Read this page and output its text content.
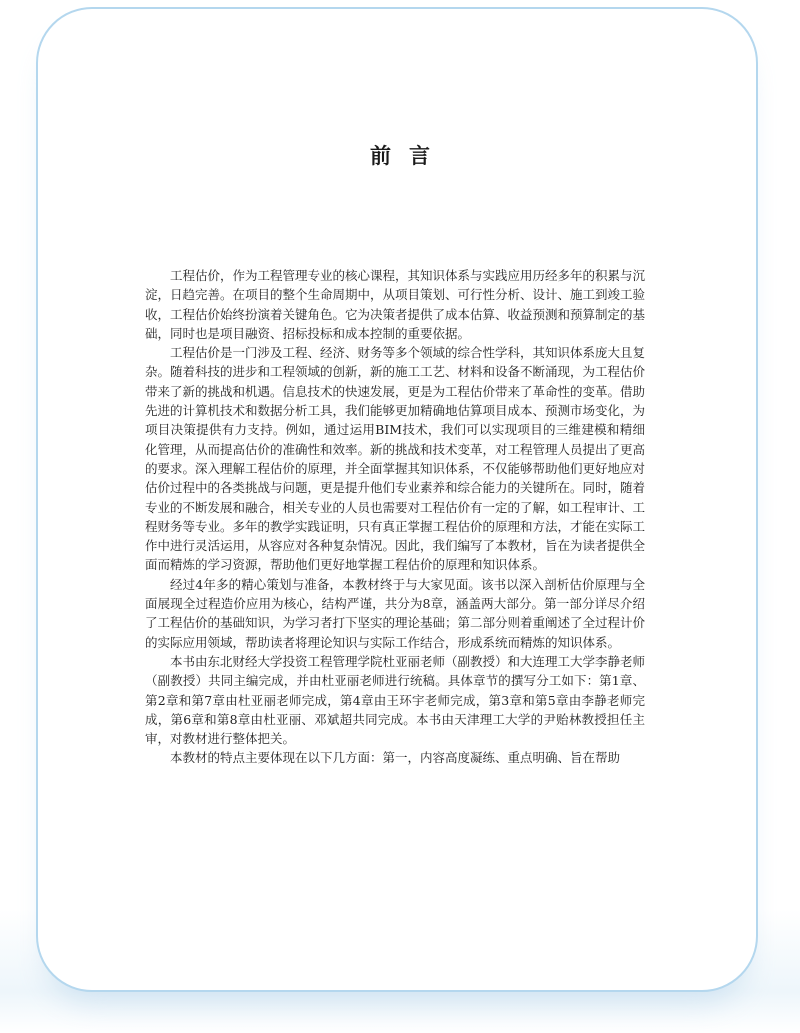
前言

工程估价，作为工程管理专业的核心课程，其知识体系与实践应用历经多年的积累与沉淀，日趋完善。在项目的整个生命周期中，从项目策划、可行性分析、设计、施工到竣工验收，工程估价始终扮演着关键角色。它为决策者提供了成本估算、收益预测和预算制定的基础，同时也是项目融资、招标投标和成本控制的重要依据。

工程估价是一门涉及工程、经济、财务等多个领域的综合性学科，其知识体系庞大且复杂。随着科技的进步和工程领域的创新，新的施工工艺、材料和设备不断涌现，为工程估价带来了新的挑战和机遇。信息技术的快速发展，更是为工程估价带来了革命性的变革。借助先进的计算机技术和数据分析工具，我们能够更加精确地估算项目成本、预测市场变化，为项目决策提供有力支持。例如，通过运用BIM技术，我们可以实现项目的三维建模和精细化管理，从而提高估价的准确性和效率。新的挑战和技术变革，对工程管理人员提出了更高的要求。深入理解工程估价的原理，并全面掌握其知识体系，不仅能够帮助他们更好地应对估价过程中的各类挑战与问题，更是提升他们专业素养和综合能力的关键所在。同时，随着专业的不断发展和融合，相关专业的人员也需要对工程估价有一定的了解，如工程审计、工程财务等专业。多年的教学实践证明，只有真正掌握工程估价的原理和方法，才能在实际工作中进行灵活运用，从容应对各种复杂情况。因此，我们编写了本教材，旨在为读者提供全面而精炼的学习资源，帮助他们更好地掌握工程估价的原理和知识体系。

经过4年多的精心策划与准备，本教材终于与大家见面。该书以深入剖析估价原理与全面展现全过程造价应用为核心，结构严谨，共分为8章，涵盖两大部分。第一部分详尽介绍了工程估价的基础知识，为学习者打下坚实的理论基础；第二部分则着重阐述了全过程计价的实际应用领域，帮助读者将理论知识与实际工作结合，形成系统而精炼的知识体系。

本书由东北财经大学投资工程管理学院杜亚丽老师（副教授）和大连理工大学李静老师（副教授）共同主编完成，并由杜亚丽老师进行统稿。具体章节的撰写分工如下：第1章、第2章和第7章由杜亚丽老师完成，第4章由王环宇老师完成，第3章和第5章由李静老师完成，第6章和第8章由杜亚丽、邓斌超共同完成。本书由天津理工大学的尹贻林教授担任主审，对教材进行整体把关。

本教材的特点主要体现在以下几方面：第一，内容高度凝练、重点明确、旨在帮助
